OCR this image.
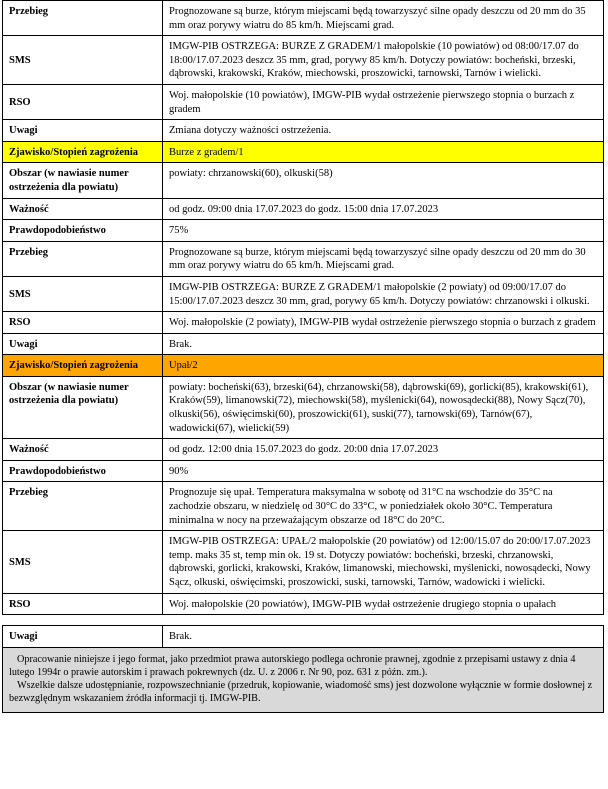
Przebieg	Prognozowane są burze, którym miejscami będą towarzyszyć silne opady deszczu od 20 mm do 35 mm oraz porywy wiatru do 85 km/h. Miejscami grad.
SMS	IMGW-PIB OSTRZEGA: BURZE Z GRADEM/1 małopolskie (10 powiatów) od 08:00/17.07 do 18:00/17.07.2023 deszcz 35 mm, grad, porywy 85 km/h. Dotyczy powiatów: bocheński, brzeski, dąbrowski, krakowski, Kraków, miechowski, proszowicki, tarnowski, Tarnów i wielicki.
RSO	Woj. małopolskie (10 powiatów), IMGW-PIB wydał ostrzeżenie pierwszego stopnia o burzach z gradem
Uwagi	Zmiana dotyczy ważności ostrzeżenia.
Zjawisko/Stopień zagrożenia	Burze z gradem/1
Obszar (w nawiasie numer ostrzeżenia dla powiatu)	powiaty: chrzanowski(60), olkuski(58)
Ważność	od godz. 09:00 dnia 17.07.2023 do godz. 15:00 dnia 17.07.2023
Prawdopodobieństwo	75%
Przebieg	Prognozowane są burze, którym miejscami będą towarzyszyć silne opady deszczu od 20 mm do 30 mm oraz porywy wiatru do 65 km/h. Miejscami grad.
SMS	IMGW-PIB OSTRZEGA: BURZE Z GRADEM/1 małopolskie (2 powiaty) od 09:00/17.07 do 15:00/17.07.2023 deszcz 30 mm, grad, porywy 65 km/h. Dotyczy powiatów: chrzanowski i olkuski.
RSO	Woj. małopolskie (2 powiaty), IMGW-PIB wydał ostrzeżenie pierwszego stopnia o burzach z gradem
Uwagi	Brak.
Zjawisko/Stopień zagrożenia	Upał/2
Obszar (w nawiasie numer ostrzeżenia dla powiatu)	powiaty: bocheński(63), brzeski(64), chrzanowski(58), dąbrowski(69), gorlicki(85), krakowski(61), Kraków(59), limanowski(72), miechowski(58), myślenicki(64), nowosądecki(88), Nowy Sącz(70), olkuski(56), oświęcimski(60), proszowicki(61), suski(77), tarnowski(69), Tarnów(67), wadowicki(67), wielicki(59)
Ważność	od godz. 12:00 dnia 15.07.2023 do godz. 20:00 dnia 17.07.2023
Prawdopodobieństwo	90%
Przebieg	Prognozuje się upał. Temperatura maksymalna w sobotę od 31°C na wschodzie do 35°C na zachodzie obszaru, w niedzielę od 30°C do 33°C, w poniedziałek około 30°C. Temperatura minimalna w nocy na przeważającym obszarze od 18°C do 20°C.
SMS	IMGW-PIB OSTRZEGA: UPAŁ/2 małopolskie (20 powiatów) od 12:00/15.07 do 20:00/17.07.2023 temp. maks 35 st, temp min ok. 19 st. Dotyczy powiatów: bocheński, brzeski, chrzanowski, dąbrowski, gorlicki, krakowski, Kraków, limanowski, miechowski, myślenicki, nowosądecki, Nowy Sącz, olkuski, oświęcimski, proszowicki, suski, tarnowski, Tarnów, wadowicki i wielicki.
RSO	Woj. małopolskie (20 powiatów), IMGW-PIB wydał ostrzeżenie drugiego stopnia o upałach

Uwagi	Brak.

Opracowanie niniejsze i jego format, jako przedmiot prawa autorskiego podlega ochronie prawnej, zgodnie z przepisami ustawy z dnia 4 lutego 1994r o prawie autorskim i prawach pokrewnych (dz. U. z 2006 r. Nr 90, poz. 631 z późn. zm.).

Wszelkie dalsze udostępnianie, rozpowszechnianie (przedruk, kopiowanie, wiadomość sms) jest dozwolone wyłącznie w formie dosłownej z bezwzględnym wskazaniem źródła informacji tj. IMGW-PIB.
